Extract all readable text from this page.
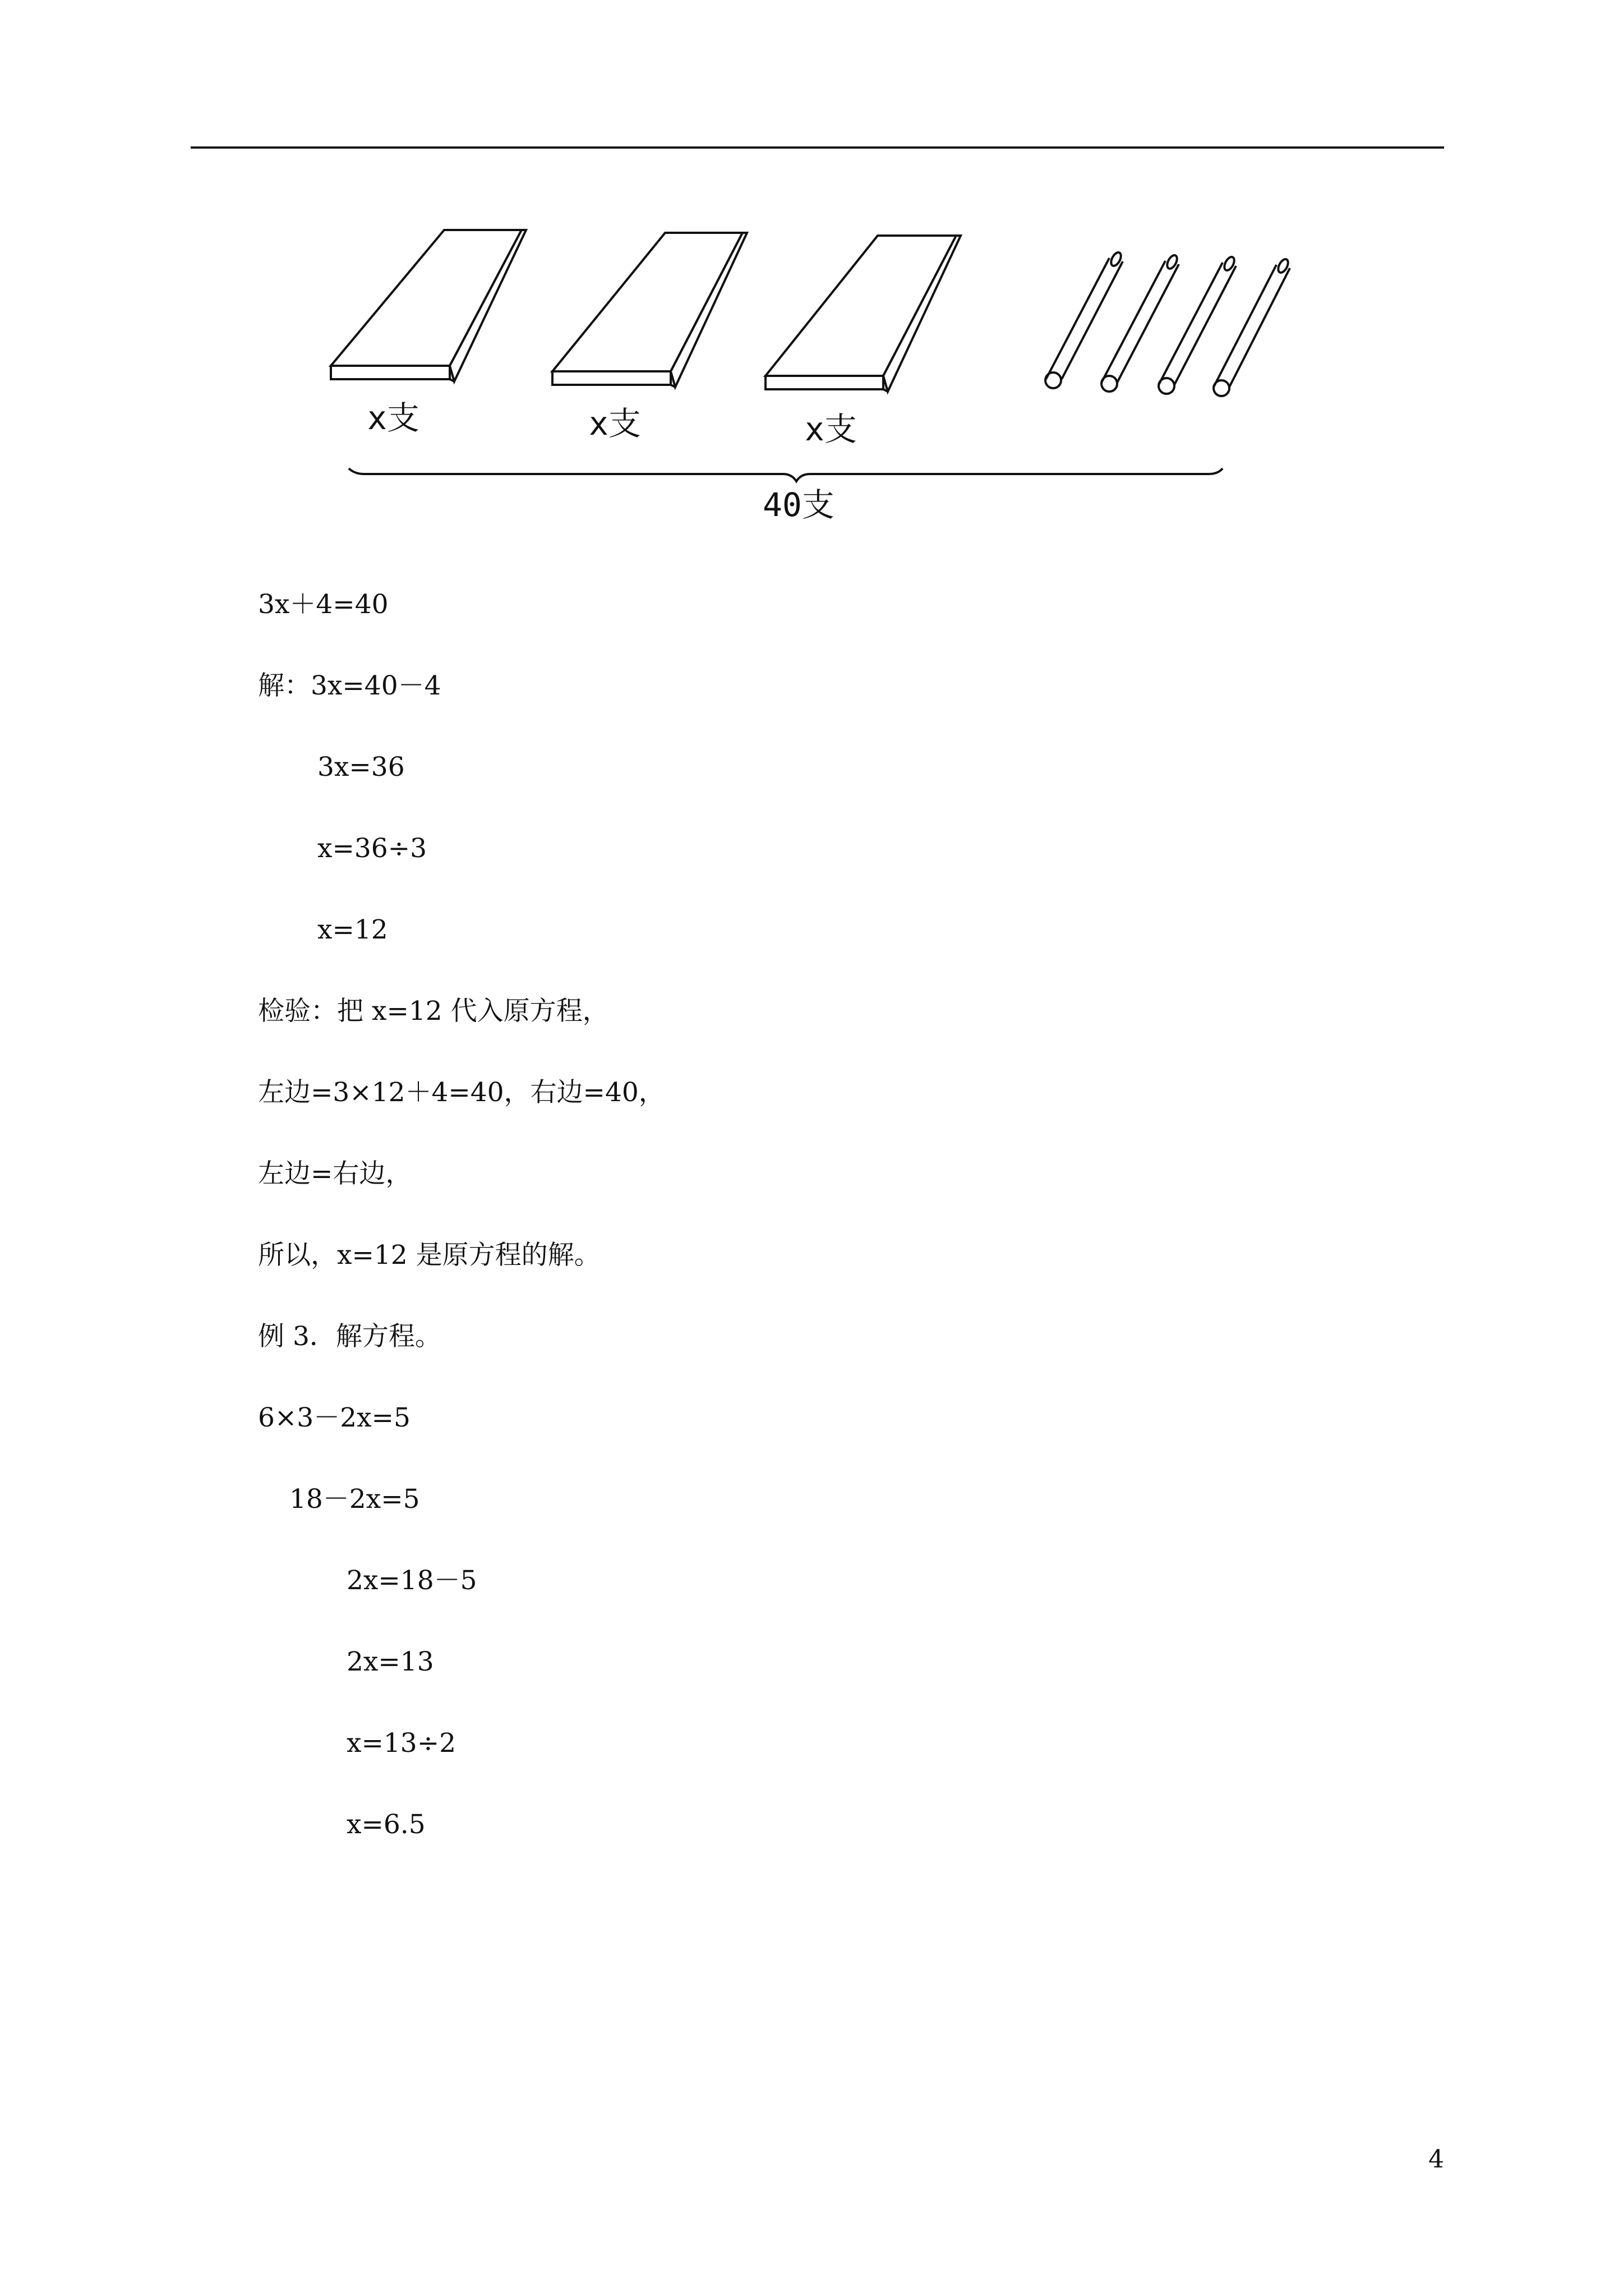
x支	x支	x支
40支
3x＋4=40
解：3x=40－4
3x=36
x=36÷3
x=12
检验：把 x=12 代入原方程，
左边=3×12＋4=40，右边=40，
左边=右边，
所以，x=12 是原方程的解。
例 3．解方程。
6×3－2x=5
18－2x=5
2x=18－5
2x=13
x=13÷2
x=6.5
4
